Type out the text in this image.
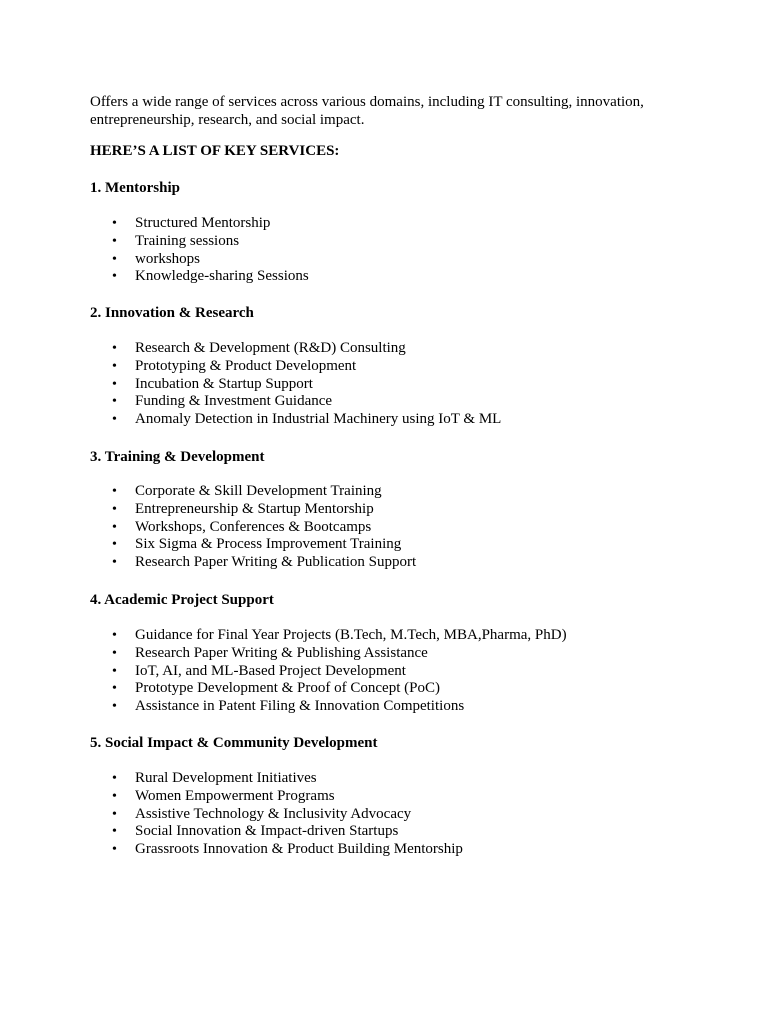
Offers a wide range of services across various domains, including IT consulting, innovation, entrepreneurship, research, and social impact.

HERE’S A LIST OF KEY SERVICES:
1. Mentorship
• Structured Mentorship
• Training sessions
• workshops
• Knowledge-sharing Sessions
2. Innovation & Research
• Research & Development (R&D) Consulting
• Prototyping & Product Development
• Incubation & Startup Support
• Funding & Investment Guidance
• Anomaly Detection in Industrial Machinery using IoT & ML
3. Training & Development
• Corporate & Skill Development Training
• Entrepreneurship & Startup Mentorship
• Workshops, Conferences & Bootcamps
• Six Sigma & Process Improvement Training
• Research Paper Writing & Publication Support
4. Academic Project Support
• Guidance for Final Year Projects (B.Tech, M.Tech, MBA,Pharma, PhD)
• Research Paper Writing & Publishing Assistance
• IoT, AI, and ML-Based Project Development
• Prototype Development & Proof of Concept (PoC)
• Assistance in Patent Filing & Innovation Competitions
5. Social Impact & Community Development
• Rural Development Initiatives
• Women Empowerment Programs
• Assistive Technology & Inclusivity Advocacy
• Social Innovation & Impact-driven Startups
• Grassroots Innovation & Product Building Mentorship
